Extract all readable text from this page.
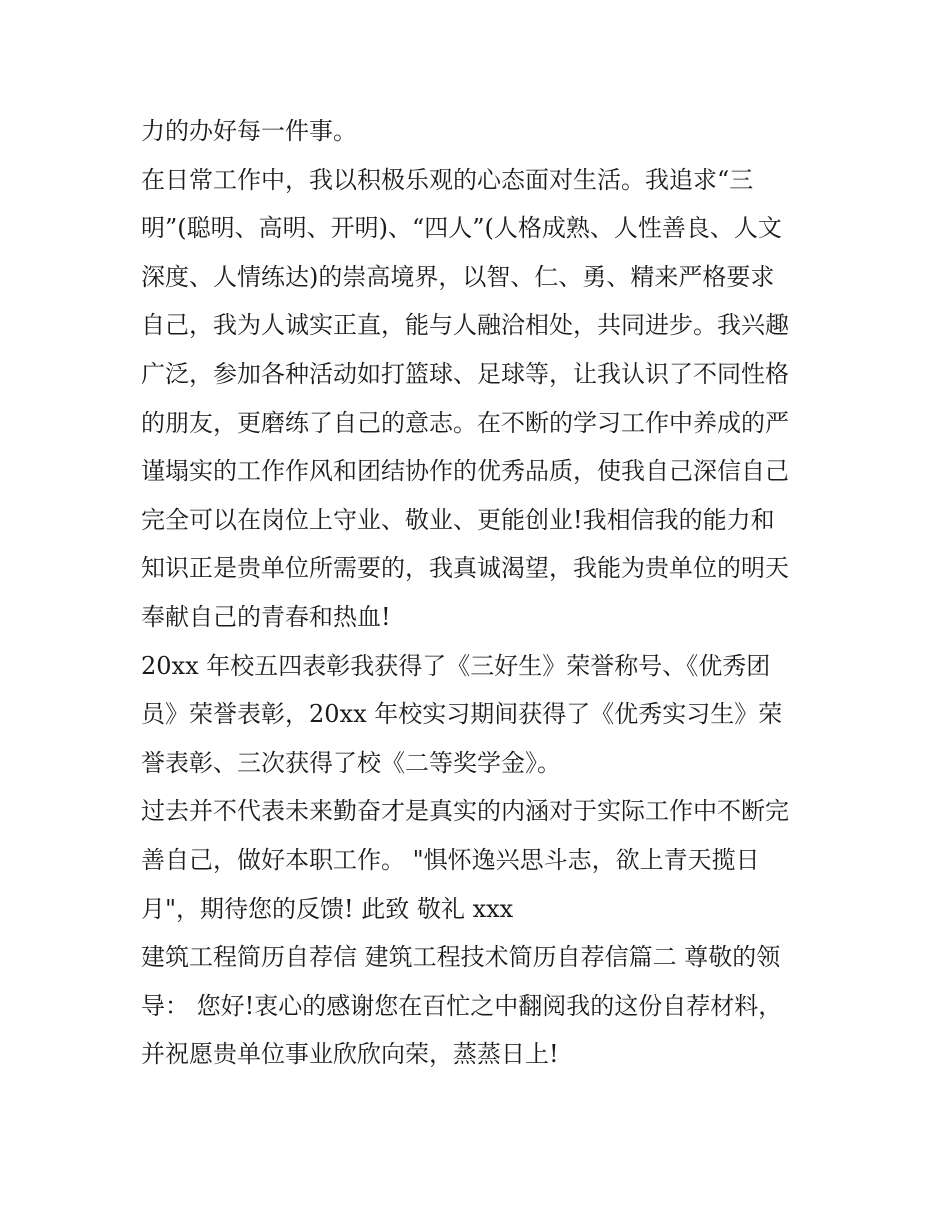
力的办好每一件事。
在日常工作中，我以积极乐观的心态面对生活。我追求“三
明”(聪明、高明、开明)、“四人”(人格成熟、人性善良、人文
深度、人情练达)的崇高境界，以智、仁、勇、精来严格要求
自己，我为人诚实正直，能与人融洽相处，共同进步。我兴趣
广泛，参加各种活动如打篮球、足球等，让我认识了不同性格
的朋友，更磨练了自己的意志。在不断的学习工作中养成的严
谨塌实的工作作风和团结协作的优秀品质，使我自己深信自己
完全可以在岗位上守业、敬业、更能创业!我相信我的能力和
知识正是贵单位所需要的，我真诚渴望，我能为贵单位的明天
奉献自己的青春和热血!
20xx 年校五四表彰我获得了《三好生》荣誉称号、《优秀团
员》荣誉表彰，20xx 年校实习期间获得了《优秀实习生》荣
誉表彰、三次获得了校《二等奖学金》。
过去并不代表未来勤奋才是真实的内涵对于实际工作中不断完
善自己，做好本职工作。 "惧怀逸兴思斗志，欲上青天揽日
月"，期待您的反馈! 此致 敬礼 xxx
建筑工程简历自荐信 建筑工程技术简历自荐信篇二 尊敬的领
导： 您好!衷心的感谢您在百忙之中翻阅我的这份自荐材料，
并祝愿贵单位事业欣欣向荣，蒸蒸日上!
